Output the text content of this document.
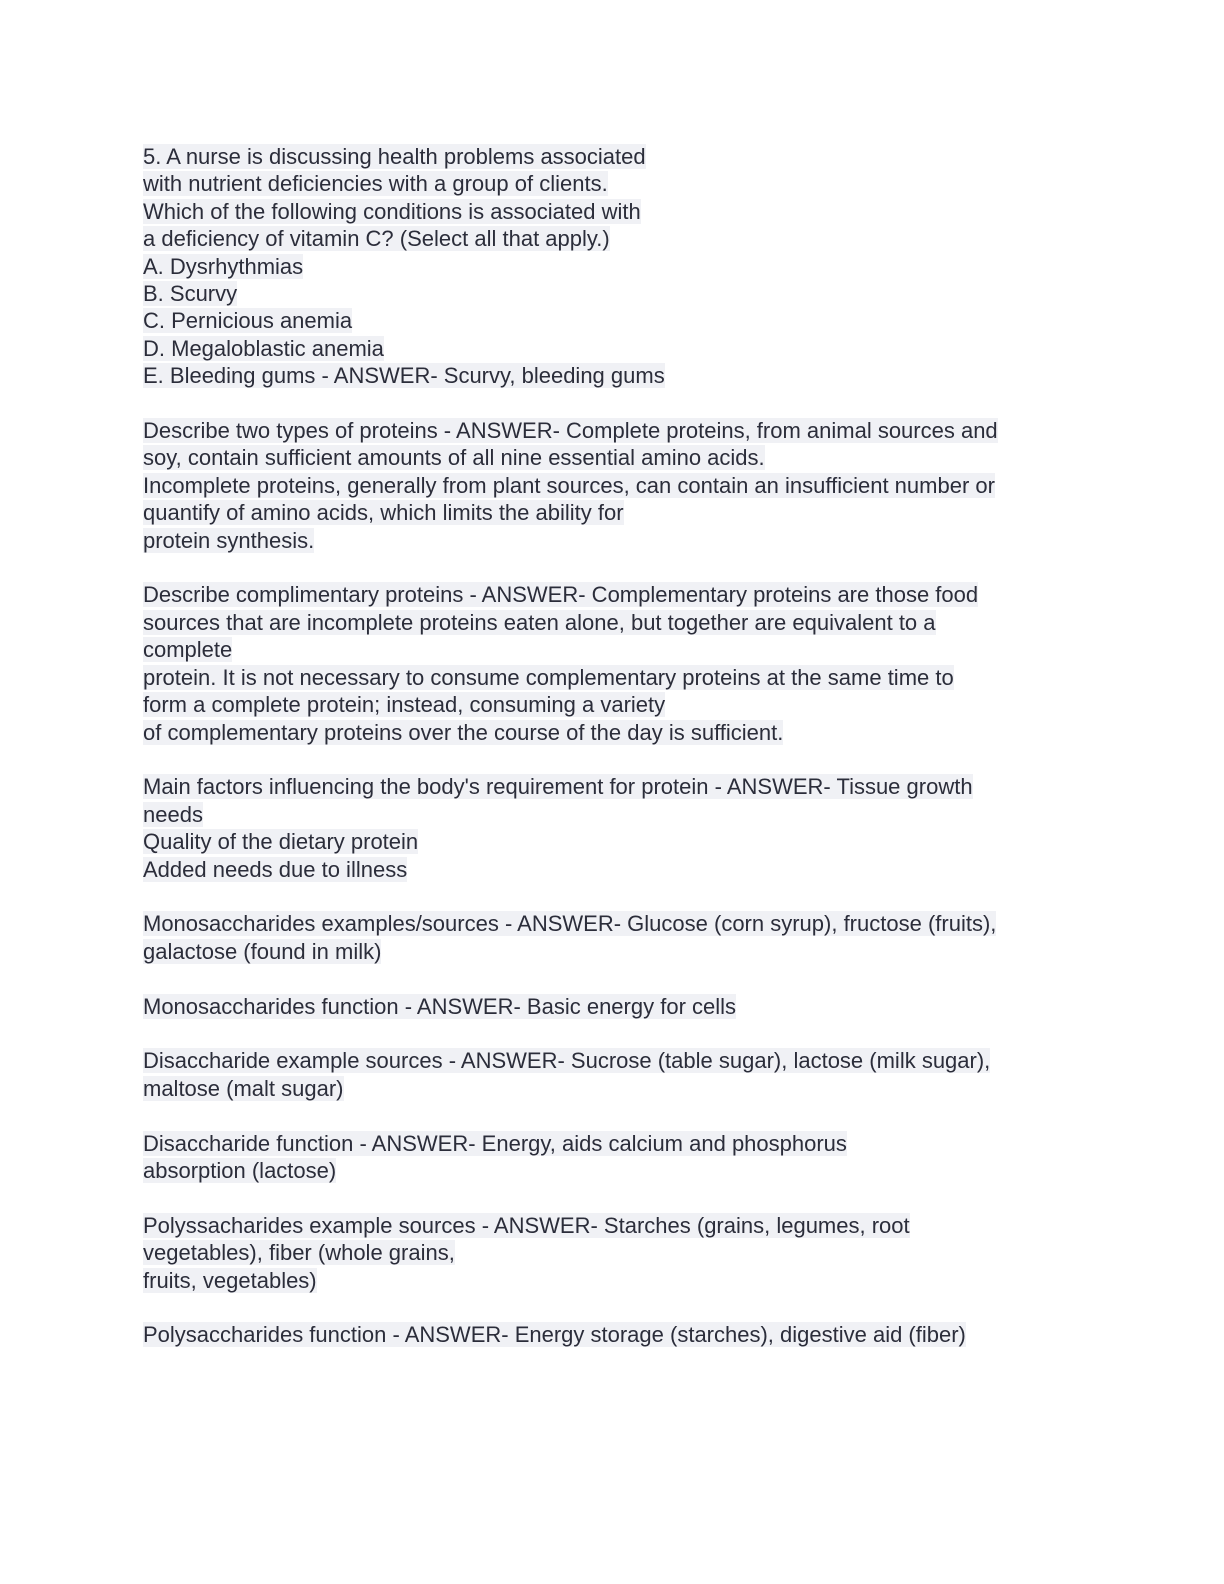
5. A nurse is discussing health problems associated
with nutrient deficiencies with a group of clients.
Which of the following conditions is associated with
a deficiency of vitamin C? (Select all that apply.)
A. Dysrhythmias
B. Scurvy
C. Pernicious anemia
D. Megaloblastic anemia
E. Bleeding gums - ANSWER- Scurvy, bleeding gums
Describe two types of proteins - ANSWER- Complete proteins, from animal sources and
soy, contain sufficient amounts of all nine essential amino acids.
Incomplete proteins, generally from plant sources, can contain an insufficient number or
quantify of amino acids, which limits the ability for
protein synthesis.
Describe complimentary proteins - ANSWER- Complementary proteins are those food
sources that are incomplete proteins eaten alone, but together are equivalent to a
complete
protein. It is not necessary to consume complementary proteins at the same time to
form a complete protein; instead, consuming a variety
of complementary proteins over the course of the day is sufficient.
Main factors influencing the body's requirement for protein - ANSWER- Tissue growth
needs
Quality of the dietary protein
Added needs due to illness
Monosaccharides examples/sources - ANSWER- Glucose (corn syrup), fructose (fruits),
galactose (found in milk)
Monosaccharides function - ANSWER- Basic energy for cells
Disaccharide example sources - ANSWER- Sucrose (table sugar), lactose (milk sugar),
maltose (malt sugar)
Disaccharide function - ANSWER- Energy, aids calcium and phosphorus
absorption (lactose)
Polyssacharides example sources - ANSWER- Starches (grains, legumes, root
vegetables), fiber (whole grains,
fruits, vegetables)
Polysaccharides function - ANSWER- Energy storage (starches), digestive aid (fiber)
